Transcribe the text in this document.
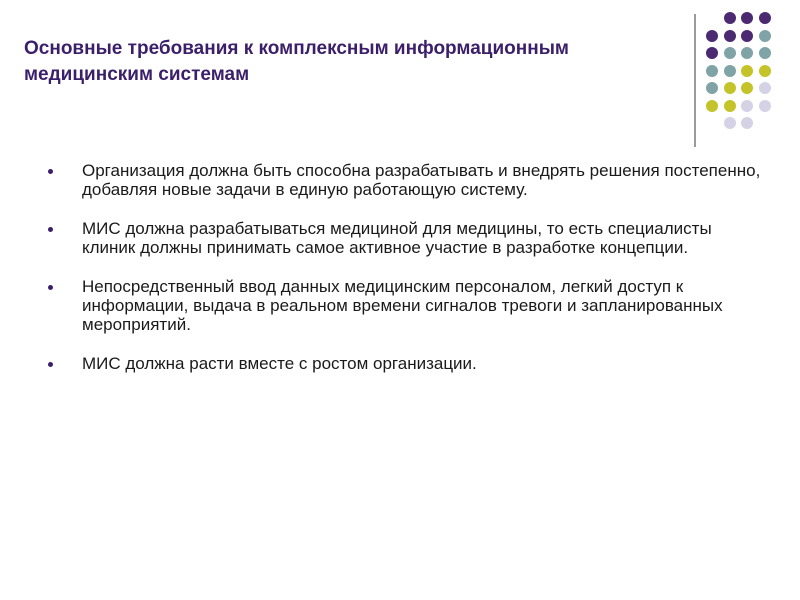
Основные требования к комплексным информационным медицинским системам
Организация должна быть способна разрабатывать и внедрять решения постепенно, добавляя новые задачи в единую работающую систему.
МИС должна разрабатываться медициной для медицины, то есть специалисты клиник должны принимать самое активное участие в разработке концепции.
Непосредственный ввод данных медицинским персоналом, легкий доступ к информации, выдача в реальном времени сигналов тревоги и запланированных мероприятий.
МИС должна расти вместе с ростом организации.
